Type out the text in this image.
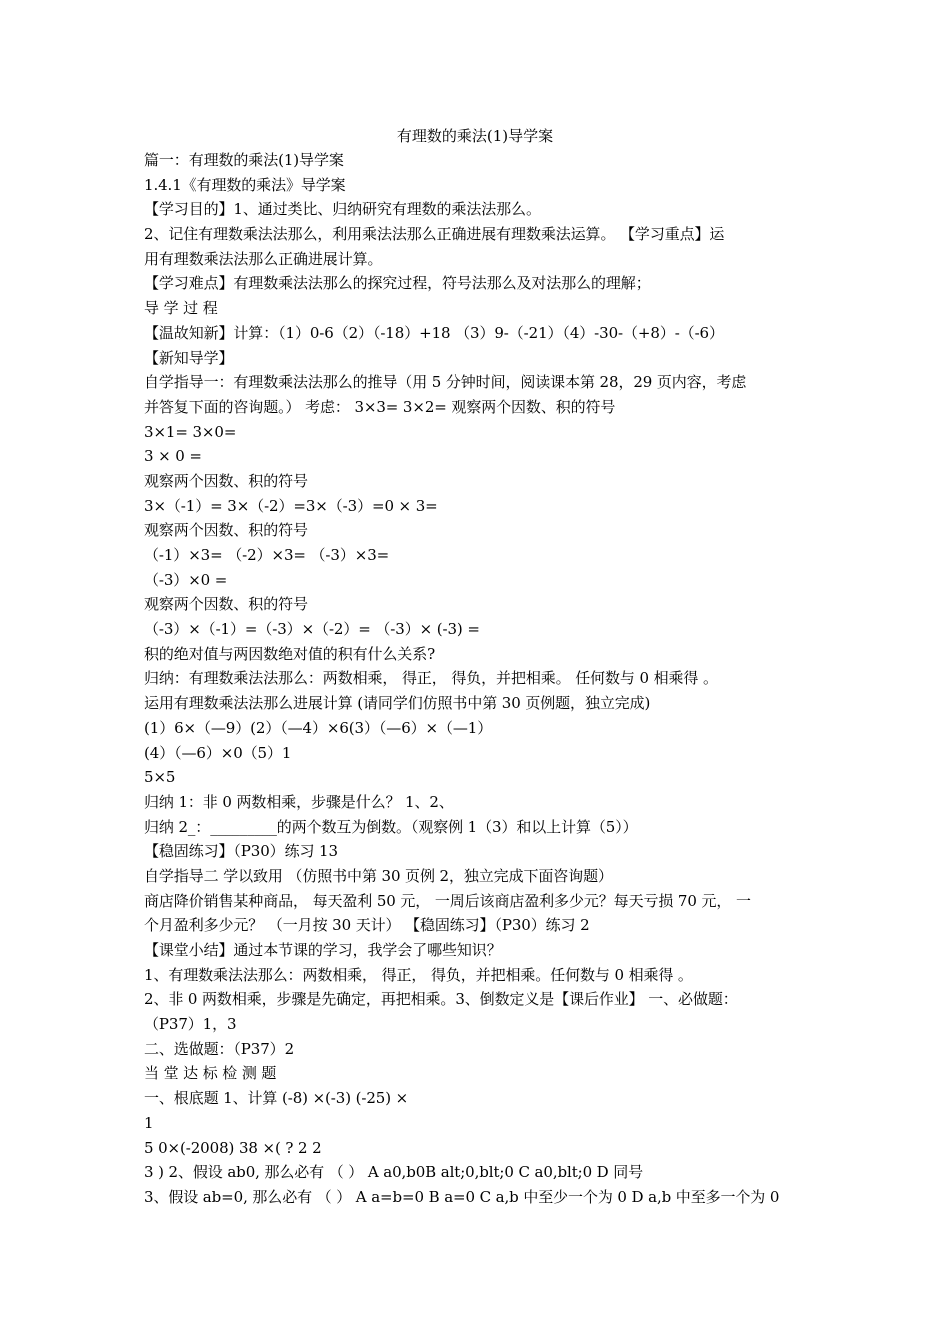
有理数的乘法(1)导学案
篇一：有理数的乘法(1)导学案
1.4.1《有理数的乘法》导学案
【学习目的】1、通过类比、归纳研究有理数的乘法法那么。
2、记住有理数乘法法那么，利用乘法法那么正确进展有理数乘法运算。 【学习重点】运
用有理数乘法法那么正确进展计算。
【学习难点】有理数乘法法那么的探究过程，符号法那么及对法那么的理解；
导 学 过 程
【温故知新】计算：（1）0-6（2）（-18）+18 （3）9-（-21）（4）-30-（+8）-（-6）
【新知导学】
自学指导一：有理数乘法法那么的推导（用 5 分钟时间，阅读课本第 28，29 页内容，考虑
并答复下面的咨询题。） 考虑： 3×3= 3×2= 观察两个因数、积的符号
3×1= 3×0=
3 × 0 =
观察两个因数、积的符号
3×（-1）= 3×（-2）=3×（-3）=0 × 3=
观察两个因数、积的符号
（-1）×3= （-2）×3= （-3）×3=
（-3）×0 =
观察两个因数、积的符号
（-3）×（-1）=（-3）×（-2）= （-3）× (-3) =
积的绝对值与两因数绝对值的积有什么关系?
归纳：有理数乘法法那么：两数相乘， 得正， 得负，并把相乘。 任何数与 0 相乘得 。
运用有理数乘法法那么进展计算 (请同学们仿照书中第 30 页例题，独立完成)
(1）6×（—9）(2）（—4）×6(3）（—6）×（—1）
(4）（—6）×0（5）1
5×5
归纳 1：非 0 两数相乘，步骤是什么？ 1、2、
归纳 2_：_________的两个数互为倒数。（观察例 1（3）和以上计算（5））
【稳固练习】（P30）练习 13
自学指导二 学以致用 （仿照书中第 30 页例 2，独立完成下面咨询题）
商店降价销售某种商品， 每天盈利 50 元， 一周后该商店盈利多少元？每天亏损 70 元， 一
个月盈利多少元？ （一月按 30 天计） 【稳固练习】（P30）练习 2
【课堂小结】通过本节课的学习，我学会了哪些知识？
1、有理数乘法法那么：两数相乘， 得正， 得负，并把相乘。任何数与 0 相乘得 。
2、非 0 两数相乘，步骤是先确定，再把相乘。3、倒数定义是【课后作业】 一、必做题：
（P37）1，3
二、选做题：（P37）2
当 堂 达 标 检 测 题
一、根底题 1、计算 (-8) ×(-3) (-25) ×
1
5 0×(-2008) 38 ×( ? 2 2
3 ) 2、假设 ab0, 那么必有 （ ） A a0,b0B alt;0,blt;0 C a0,blt;0 D 同号
3、假设 ab=0, 那么必有 （ ） A a=b=0 B a=0 C a,b 中至少一个为 0 D a,b 中至多一个为 0
